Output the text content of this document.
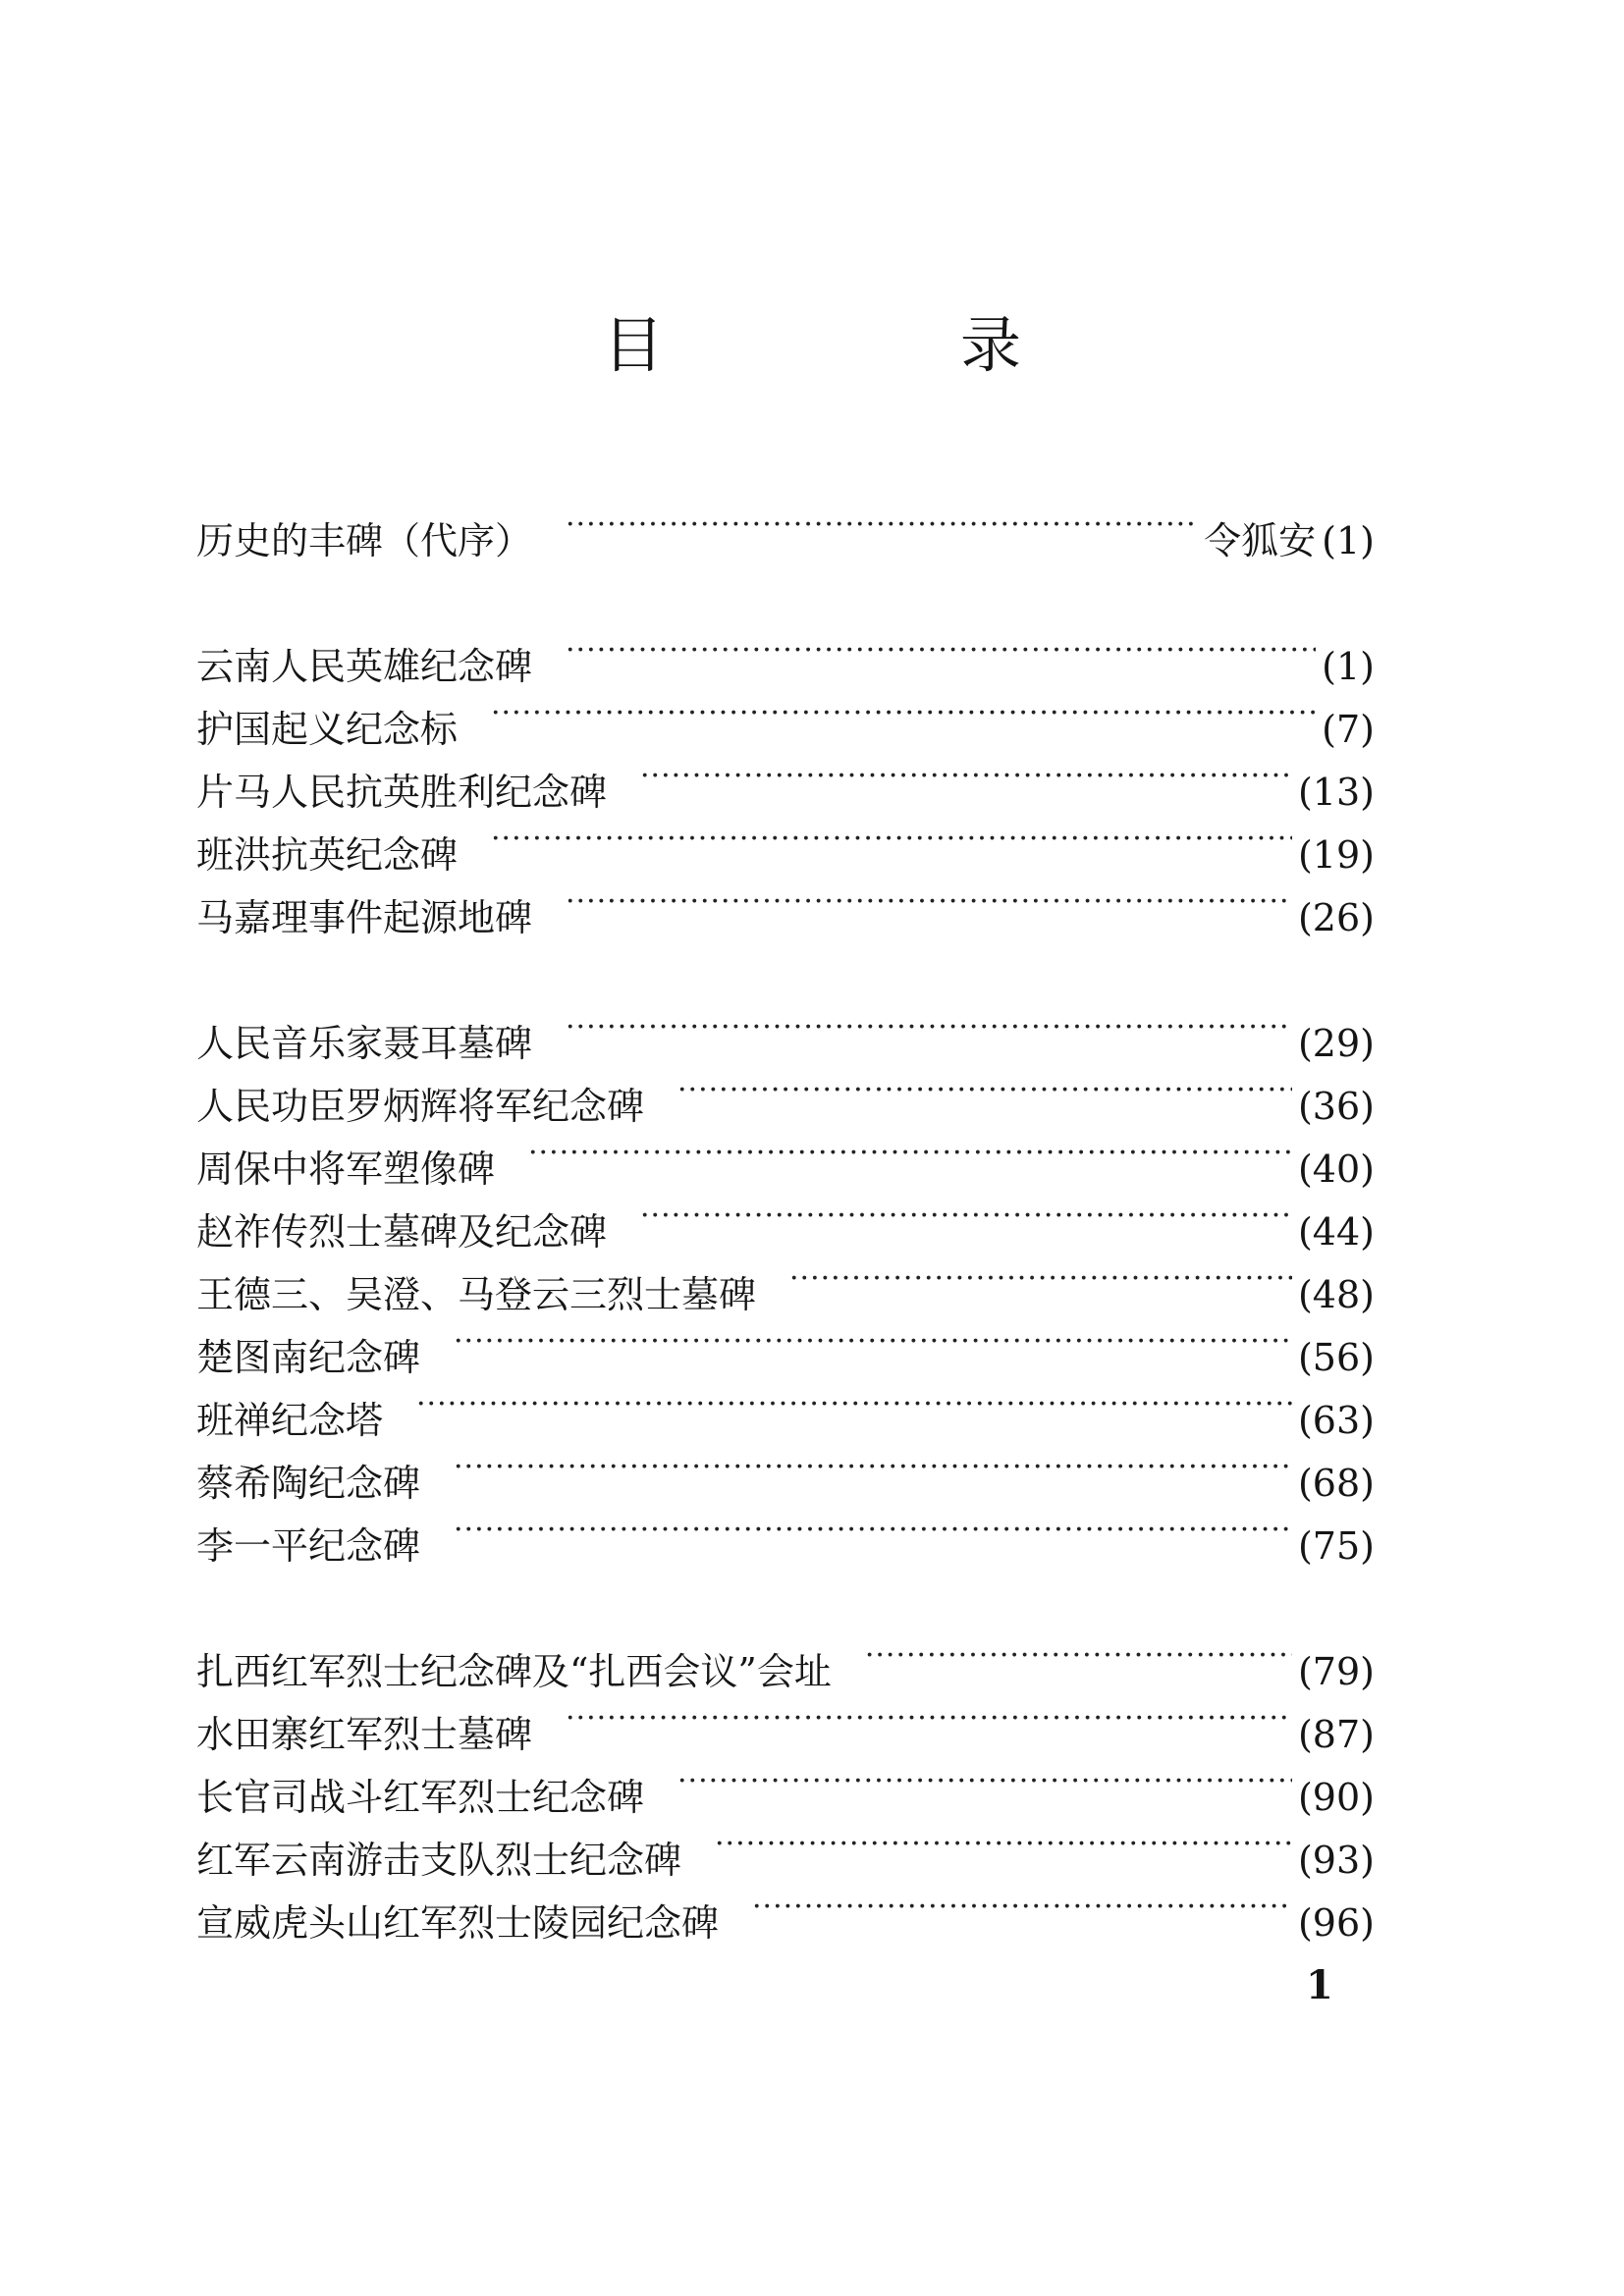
目　录
历史的丰碑（代序） ·····	令狐安 (1)
云南人民英雄纪念碑 ·····	(1)
护国起义纪念标 ·····	(7)
片马人民抗英胜利纪念碑 ·····	(13)
班洪抗英纪念碑 ·····	(19)
马嘉理事件起源地碑 ·····	(26)
人民音乐家聂耳墓碑 ·····	(29)
人民功臣罗炳辉将军纪念碑 ·····	(36)
周保中将军塑像碑 ·····	(40)
赵祚传烈士墓碑及纪念碑 ·····	(44)
王德三、吴澄、马登云三烈士墓碑 ·····	(48)
楚图南纪念碑 ·····	(56)
班禅纪念塔 ·····	(63)
蔡希陶纪念碑 ·····	(68)
李一平纪念碑 ·····	(75)
扎西红军烈士纪念碑及“扎西会议”会址 ·····	(79)
水田寨红军烈士墓碑 ·····	(87)
长官司战斗红军烈士纪念碑 ·····	(90)
红军云南游击支队烈士纪念碑 ·····	(93)
宣威虎头山红军烈士陵园纪念碑 ·····	(96)
1
